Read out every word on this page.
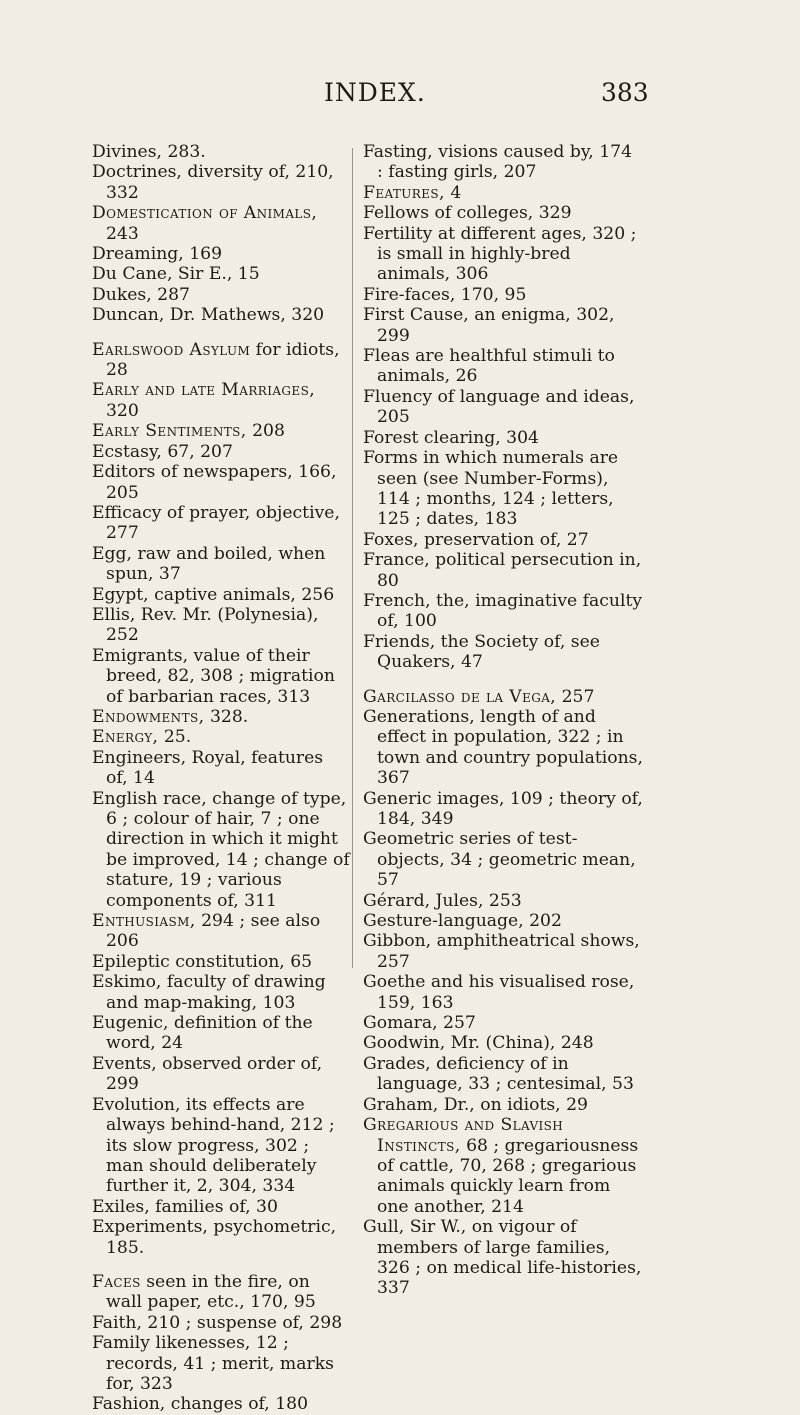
INDEX.	383

Divines, 283.

Doctrines, diversity of, 210, 332

Domestication of Animals, 243

Dreaming, 169

Du Cane, Sir E., 15

Dukes, 287

Duncan, Dr. Mathews, 320

Earlswood Asylum for idiots, 28

Early and late Marriages, 320

Early Sentiments, 208

Ecstasy, 67, 207

Editors of newspapers, 166, 205

Efficacy of prayer, objective, 277

Egg, raw and boiled, when spun, 37

Egypt, captive animals, 256

Ellis, Rev. Mr. (Polynesia), 252

Emigrants, value of their breed, 82, 308 ; migration of barbarian races, 313

Endowments, 328.

Energy, 25.

Engineers, Royal, features of, 14

English race, change of type, 6 ; colour of hair, 7 ; one direction in which it might be improved, 14 ; change of stature, 19 ; various components of, 311

Enthusiasm, 294 ; see also 206

Epileptic constitution, 65

Eskimo, faculty of drawing and map-making, 103

Eugenic, definition of the word, 24

Events, observed order of, 299

Evolution, its effects are always behind-hand, 212 ; its slow progress, 302 ; man should deliberately further it, 2, 304, 334

Exiles, families of, 30

Experiments, psychometric, 185.

Faces seen in the fire, on wall paper, etc., 170, 95

Faith, 210 ; suspense of, 298

Family likenesses, 12 ; records, 41 ; merit, marks for, 323

Fashion, changes of, 180

Fasting, visions caused by, 174 : fasting girls, 207

Features, 4

Fellows of colleges, 329

Fertility at different ages, 320 ; is small in highly-bred animals, 306

Fire-faces, 170, 95

First Cause, an enigma, 302, 299

Fleas are healthful stimuli to animals, 26

Fluency of language and ideas, 205

Forest clearing, 304

Forms in which numerals are seen (see Number-Forms), 114 ; months, 124 ; letters, 125 ; dates, 183

Foxes, preservation of, 27

France, political persecution in, 80

French, the, imaginative faculty of, 100

Friends, the Society of, see Quakers, 47

Garcilasso de la Vega, 257

Generations, length of and effect in population, 322 ; in town and country populations, 367

Generic images, 109 ; theory of, 184, 349

Geometric series of test-objects, 34 ; geometric mean, 57

Gérard, Jules, 253

Gesture-language, 202

Gibbon, amphitheatrical shows, 257

Goethe and his visualised rose, 159, 163

Gomara, 257

Goodwin, Mr. (China), 248

Grades, deficiency of in language, 33 ; centesimal, 53

Graham, Dr., on idiots, 29

Gregarious and Slavish Instincts, 68 ; gregariousness of cattle, 70, 268 ; gregarious animals quickly learn from one another, 214

Gull, Sir W., on vigour of members of large families, 326 ; on medical life-histories, 337
